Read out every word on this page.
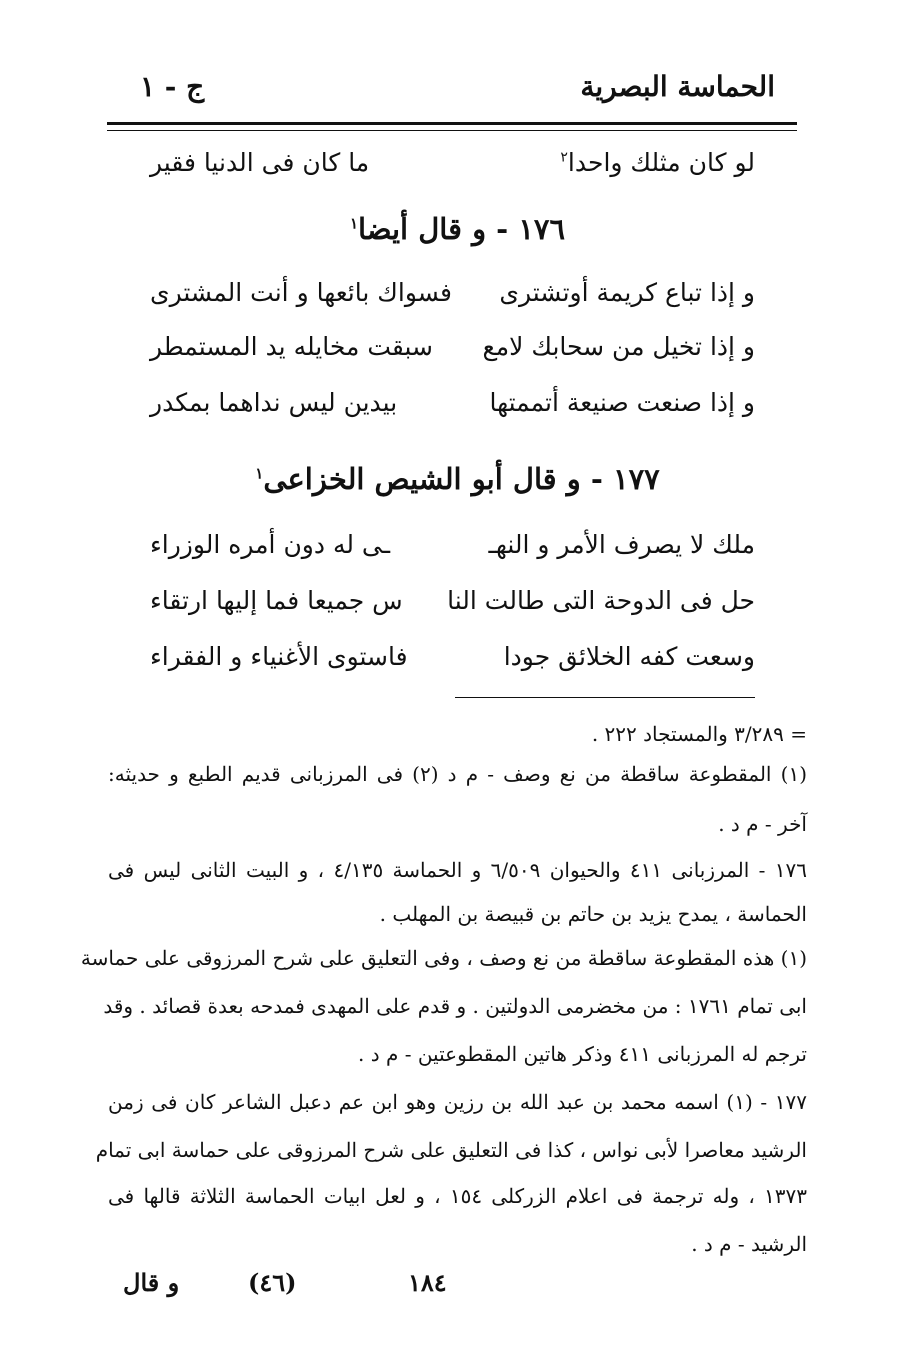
الحماسة البصرية
ج - ١
لو كان مثلك واحدا$^٢$
ما كان فى الدنيا فقير
١٧٦ - و قال أيضا$^١$
و إذا تباع كريمة أوتشترى
فسواك بائعها و أنت المشترى
و إذا تخيل من سحابك لامع
سبقت مخايله يد المستمطر
و إذا صنعت صنيعة أتممتها
بيدين ليس نداهما بمكدر
١٧٧ - و قال أبو الشيص الخزاعى$^١$
ملك لا يصرف الأمر و النهـ
ـى له دون أمره الوزراء
حل فى الدوحة التى طالت النا
س جميعا فما إليها ارتقاء
وسعت كفه الخلائق جودا
فاستوى الأغنياء و الفقراء
= ٣/٢٨٩ والمستجاد ٢٢٢ .
(١) المقطوعة ساقطة من نع وصف - م د (٢) فى المرزبانى قديم الطبع و حديثه:
آخر - م د .
١٧٦ - المرزبانى ٤١١ والحيوان ٦/٥٠٩ و الحماسة ٤/١٣٥ ، و البيت الثانى ليس فى
الحماسة ، يمدح يزيد بن حاتم بن قبيصة بن المهلب .
(١) هذه المقطوعة ساقطة من نع وصف ، وفى التعليق على شرح المرزوقى على حماسة
ابى تمام ١٧٦١ : من مخضرمى الدولتين . و قدم على المهدى فمدحه بعدة قصائد . وقد
ترجم له المرزبانى ٤١١ وذكر هاتين المقطوعتين - م د .
١٧٧ - (١) اسمه محمد بن عبد الله بن رزين وهو ابن عم دعبل الشاعر كان فى زمن
الرشيد معاصرا لأبى نواس ، كذا فى التعليق على شرح المرزوقى على حماسة ابى تمام
١٣٧٣ ، وله ترجمة فى اعلام الزركلى ١٥٤ ، و لعل ابيات الحماسة الثلاثة قالها فى
الرشيد - م د .
١٨٤
(٤٦)
و قال
